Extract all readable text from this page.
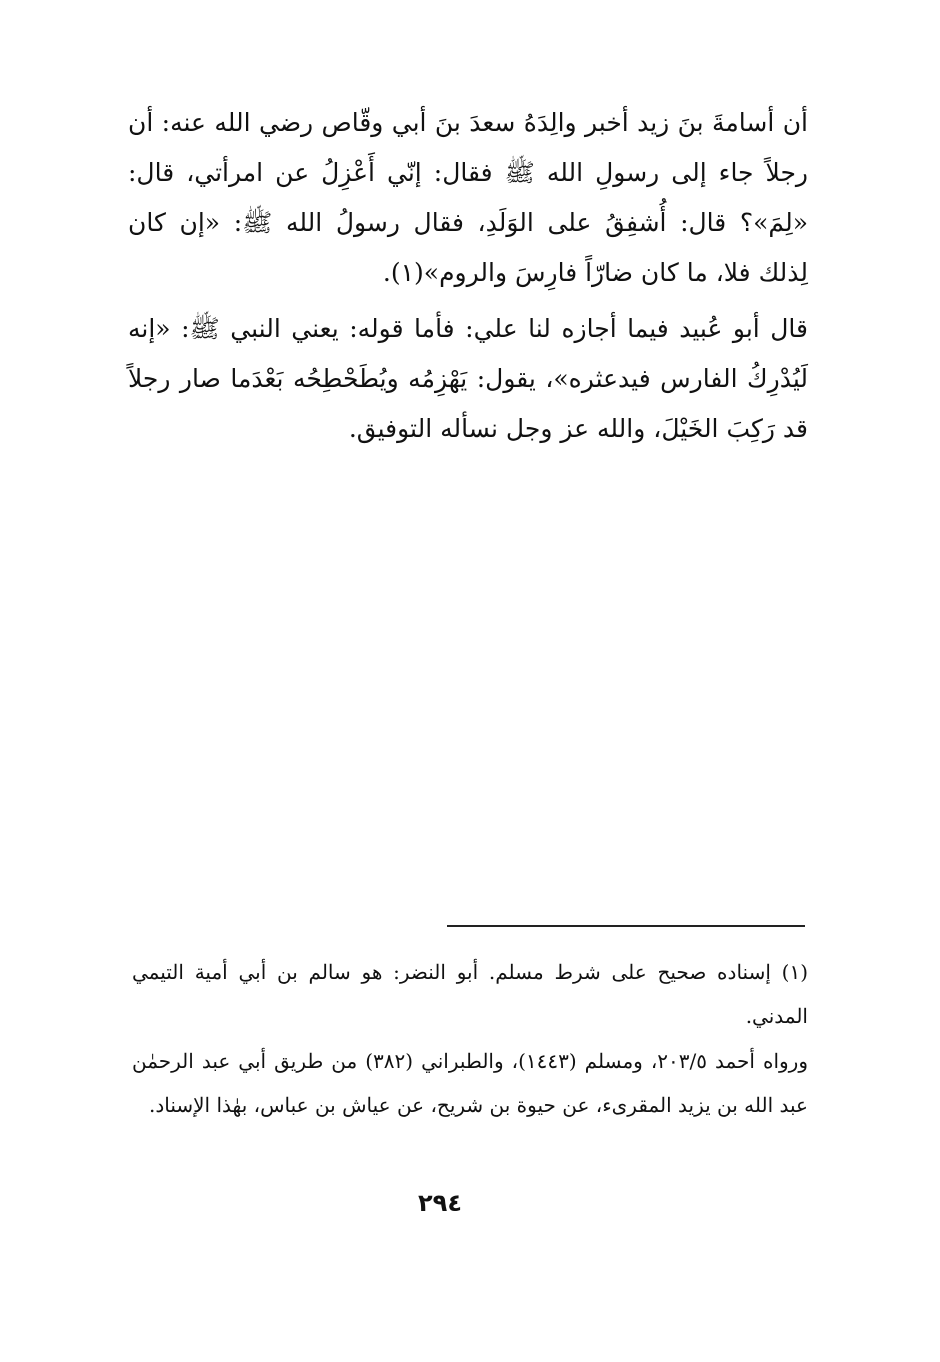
أن أسامةَ بنَ زيد أخبر والِدَهُ سعدَ بنَ أبي وقّاص رضي الله عنه: أن رجلاً جاء إلى رسولِ الله ﷺ فقال: إنّي أَعْزِلُ عن امرأتي، قال: «لِمَ»؟ قال: أُشفِقُ على الوَلَدِ، فقال رسولُ الله ﷺ: «إن كان لِذلك فلا، ما كان ضارّاً فارِسَ والروم»(١).

قال أبو عُبيد فيما أجازه لنا علي: فأما قوله: يعني النبي ﷺ: «إنه لَيُدْرِكُ الفارس فيدعثره»، يقول: يَهْزِمُه ويُطَحْطِحُه بَعْدَما صار رجلاً قد رَكِبَ الخَيْلَ، والله عز وجل نسأله التوفيق.

(١) إسناده صحيح على شرط مسلم. أبو النضر: هو سالم بن أبي أمية التيمي المدني.

ورواه أحمد ٢٠٣/٥، ومسلم (١٤٤٣)، والطبراني (٣٨٢) من طريق أبي عبد الرحمٰن عبد الله بن يزيد المقرىء، عن حيوة بن شريح، عن عياش بن عباس، بهٰذا الإسناد.

٢٩٤
